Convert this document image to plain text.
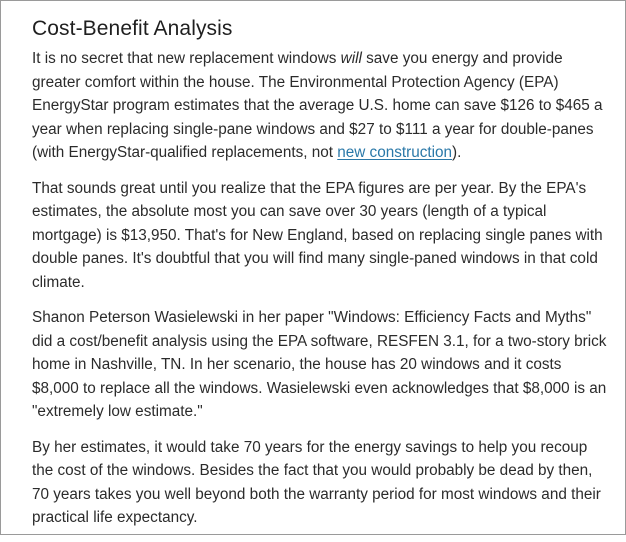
Cost-Benefit Analysis

It is no secret that new replacement windows will save you energy and provide greater comfort within the house. The Environmental Protection Agency (EPA) EnergyStar program estimates that the average U.S. home can save $126 to $465 a year when replacing single-pane windows and $27 to $111 a year for double-panes (with EnergyStar-qualified replacements, not new construction).

That sounds great until you realize that the EPA figures are per year. By the EPA's estimates, the absolute most you can save over 30 years (length of a typical mortgage) is $13,950. That's for New England, based on replacing single panes with double panes. It's doubtful that you will find many single-paned windows in that cold climate.

Shanon Peterson Wasielewski in her paper "Windows: Efficiency Facts and Myths" did a cost/benefit analysis using the EPA software, RESFEN 3.1, for a two-story brick home in Nashville, TN. In her scenario, the house has 20 windows and it costs $8,000 to replace all the windows. Wasielewski even acknowledges that $8,000 is an "extremely low estimate."

By her estimates, it would take 70 years for the energy savings to help you recoup the cost of the windows. Besides the fact that you would probably be dead by then, 70 years takes you well beyond both the warranty period for most windows and their practical life expectancy.
